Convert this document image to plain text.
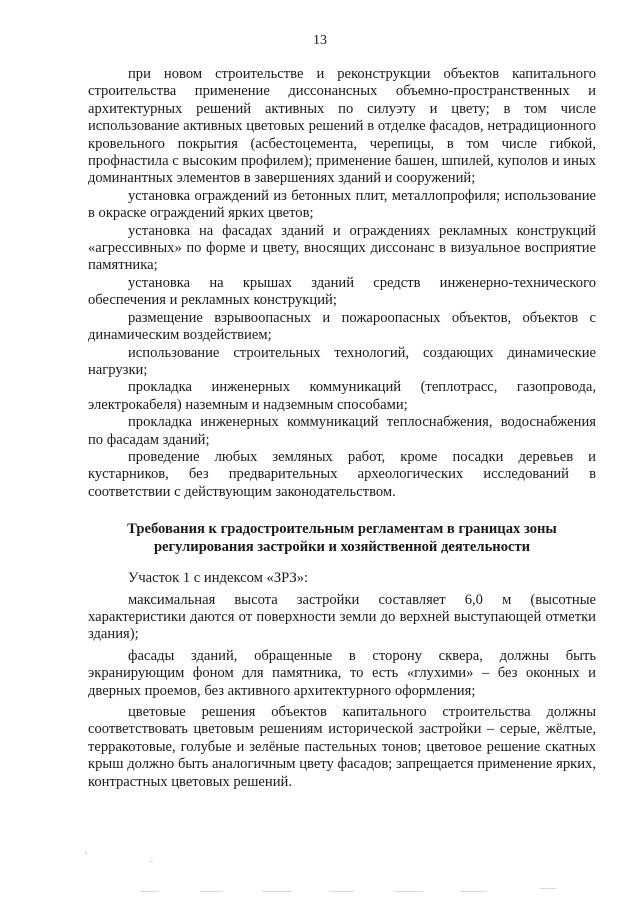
13

при новом строительстве и реконструкции объектов капитального строительства применение диссонансных объемно-пространственных и архитектурных решений активных по силуэту и цвету; в том числе использование активных цветовых решений в отделке фасадов, нетрадиционного кровельного покрытия (асбестоцемента, черепицы, в том числе гибкой, профнастила с высоким профилем); применение башен, шпилей, куполов и иных доминантных элементов в завершениях зданий и сооружений;

установка ограждений из бетонных плит, металлопрофиля; использование в окраске ограждений ярких цветов;

установка на фасадах зданий и ограждениях рекламных конструкций «агрессивных» по форме и цвету, вносящих диссонанс в визуальное восприятие памятника;

установка на крышах зданий средств инженерно-технического обеспечения и рекламных конструкций;

размещение взрывоопасных и пожароопасных объектов, объектов с динамическим воздействием;

использование строительных технологий, создающих динамические нагрузки;

прокладка инженерных коммуникаций (теплотрасс, газопровода, электрокабеля) наземным и надземным способами;

прокладка инженерных коммуникаций теплоснабжения, водоснабжения по фасадам зданий;

проведение любых земляных работ, кроме посадки деревьев и кустарников, без предварительных археологических исследований в соответствии с действующим законодательством.

Требования к градостроительным регламентам в границах зоны
регулирования застройки и хозяйственной деятельности

Участок 1 с индексом «ЗРЗ»:

максимальная высота застройки составляет 6,0 м (высотные характеристики даются от поверхности земли до верхней выступающей отметки здания);

фасады зданий, обращенные в сторону сквера, должны быть экранирующим фоном для памятника, то есть «глухими» – без оконных и дверных проемов, без активного архитектурного оформления;

цветовые решения объектов капитального строительства должны соответствовать цветовым решениям исторической застройки – серые, жёлтые, терракотовые, голубые и зелёные пастельных тонов; цветовое решение скатных крыш должно быть аналогичным цвету фасадов; запрещается применение ярких, контрастных цветовых решений.
